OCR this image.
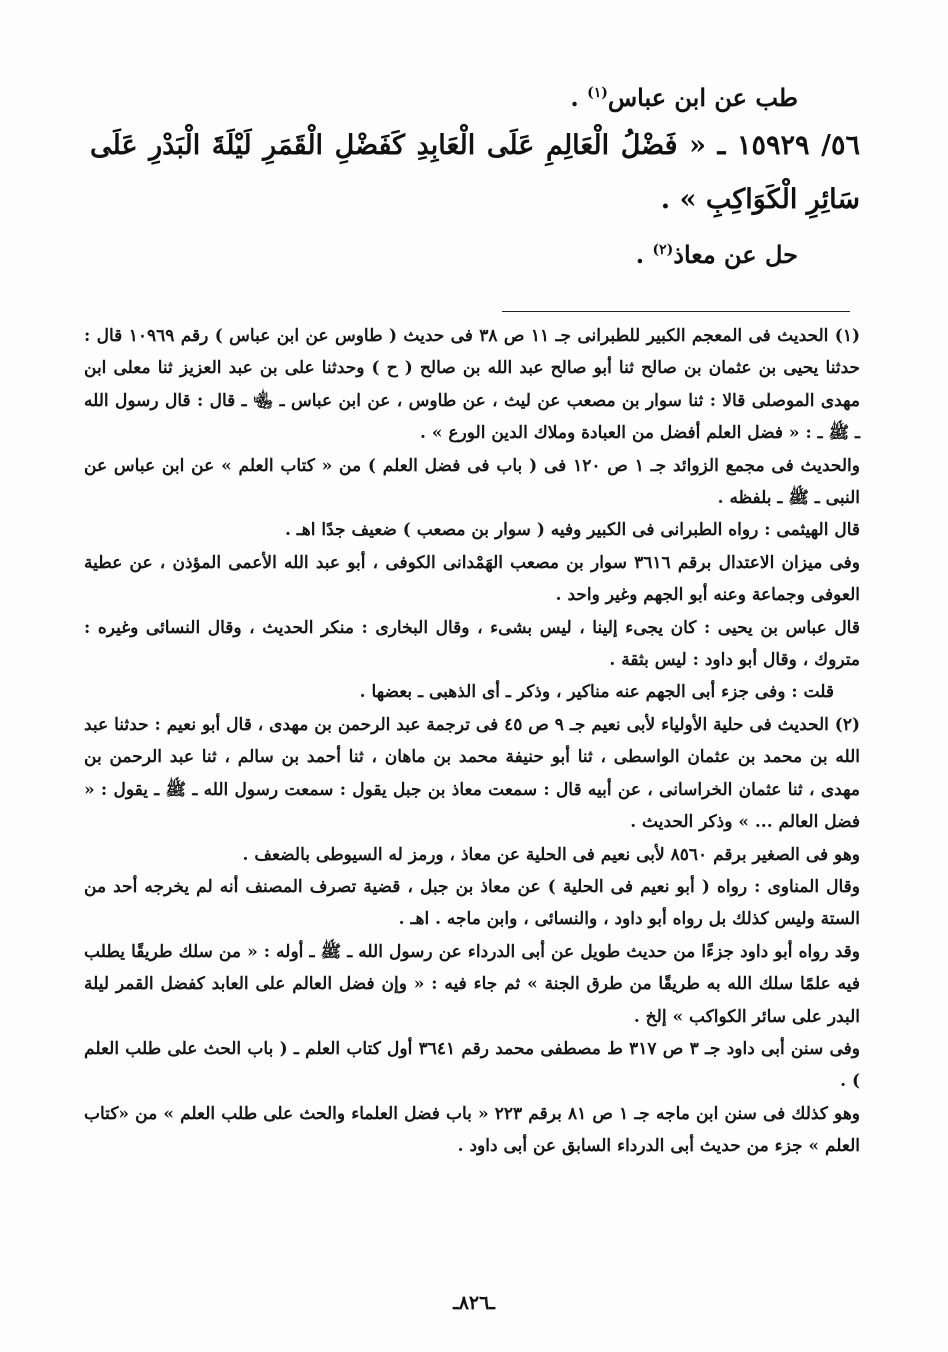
طب عن ابن عباس$^{(١)}$ .

٥٦/ ١٥٩٢٩ ـ « فَضْلُ الْعَالِمِ عَلَى الْعَابِدِ كَفَضْلِ الْقَمَرِ لَيْلَةَ الْبَدْرِ عَلَى سَائِرِ الْكَوَاكِبِ » .

حل عن معاذ$^{(٢)}$ .

(١) الحديث فى المعجم الكبير للطبرانى جـ ١١ ص ٣٨ فى حديث ( طاوس عن ابن عباس ) رقم ١٠٩٦٩ قال : حدثنا يحيى بن عثمان بن صالح ثنا أبو صالح عبد الله بن صالح ( ح ) وحدثنا على بن عبد العزيز ثنا معلى ابن مهدى الموصلى قالا : ثنا سوار بن مصعب عن ليث ، عن طاوس ، عن ابن عباس ـ ﵄ ـ قال : قال رسول الله ـ ﷺ ـ : « فضل العلم أفضل من العبادة وملاك الدين الورع » .

والحديث فى مجمع الزوائد جـ ١ ص ١٢٠ فى ( باب فى فضل العلم ) من « كتاب العلم » عن ابن عباس عن النبى ـ ﷺ ـ بلفظه .

قال الهيثمى : رواه الطبرانى فى الكبير وفيه ( سوار بن مصعب ) ضعيف جدًا اهـ .

وفى ميزان الاعتدال برقم ٣٦١٦ سوار بن مصعب الهَمْدانى الكوفى ، أبو عبد الله الأعمى المؤذن ، عن عطية العوفى وجماعة وعنه أبو الجهم وغير واحد .

قال عباس بن يحيى : كان يجىء إلينا ، ليس بشىء ، وقال البخارى : منكر الحديث ، وقال النسائى وغيره : متروك ، وقال أبو داود : ليس بثقة .

قلت : وفى جزء أبى الجهم عنه مناكير ، وذكر ـ أى الذهبى ـ بعضها .

(٢) الحديث فى حلية الأولياء لأبى نعيم جـ ٩ ص ٤٥ فى ترجمة عبد الرحمن بن مهدى ، قال أبو نعيم : حدثنا عبد الله بن محمد بن عثمان الواسطى ، ثنا أبو حنيفة محمد بن ماهان ، ثنا أحمد بن سالم ، ثنا عبد الرحمن بن مهدى ، ثنا عثمان الخراسانى ، عن أبيه قال : سمعت معاذ بن جبل يقول : سمعت رسول الله ـ ﷺ ـ يقول : « فضل العالم ... » وذكر الحديث .

وهو فى الصغير برقم ٨٥٦٠ لأبى نعيم فى الحلية عن معاذ ، ورمز له السيوطى بالضعف .

وقال المناوى : رواه ( أبو نعيم فى الحلية ) عن معاذ بن جبل ، قضية تصرف المصنف أنه لم يخرجه أحد من الستة وليس كذلك بل رواه أبو داود ، والنسائى ، وابن ماجه . اهـ .

وقد رواه أبو داود جزءًا من حديث طويل عن أبى الدرداء عن رسول الله ـ ﷺ ـ أوله : « من سلك طريقًا يطلب فيه علمًا سلك الله به طريقًا من طرق الجنة » ثم جاء فيه : « وإن فضل العالم على العابد كفضل القمر ليلة البدر على سائر الكواكب » إلخ .

وفى سنن أبى داود جـ ٣ ص ٣١٧ ط مصطفى محمد رقم ٣٦٤١ أول كتاب العلم ـ ( باب الحث على طلب العلم ) .

وهو كذلك فى سنن ابن ماجه جـ ١ ص ٨١ برقم ٢٢٣ « باب فضل العلماء والحث على طلب العلم » من «كتاب العلم » جزء من حديث أبى الدرداء السابق عن أبى داود .

ـ٨٢٦ـ
